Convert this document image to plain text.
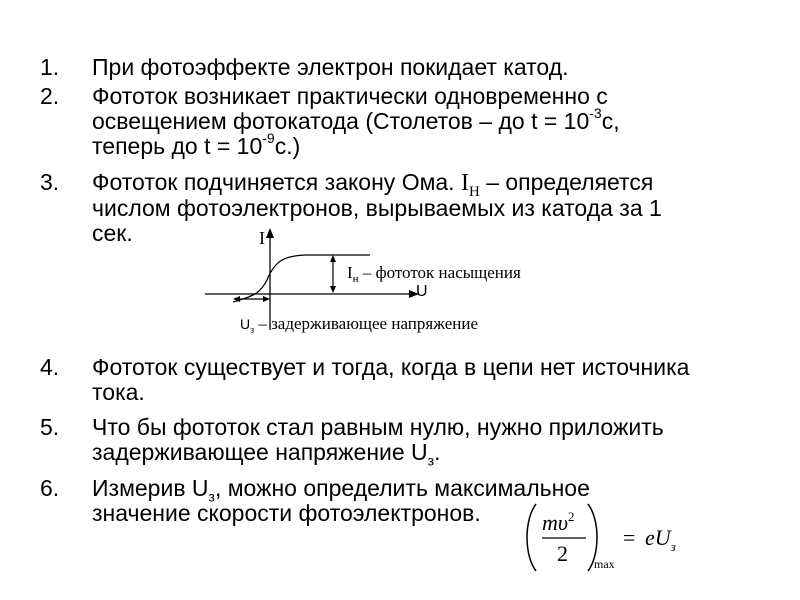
1.	При фотоэффекте электрон покидает катод.
2.	Фототок возникает практически одновременно с
освещением фотокатода (Столетов – до $t = 10^{-3}с$,
теперь до $t = 10^{-9}с$.)
3.	Фототок подчиняется закону Ома. $I_Н$ – определяется
числом фотоэлектронов, вырываемых из катода за 1
сек.	I
U
$I_н$ – фототок насыщения
$U_з$ – задерживающее напряжение
4.	Фототок существует и тогда, когда в цепи нет источника
тока.
5.	Что бы фототок стал равным нулю, нужно приложить
задерживающее напряжение $U_з$.
6.	Измерив $U_з$, можно определить максимальное
значение скорости фотоэлектронов.	$m\upsilon^2$
2 max
= $eU_з$
